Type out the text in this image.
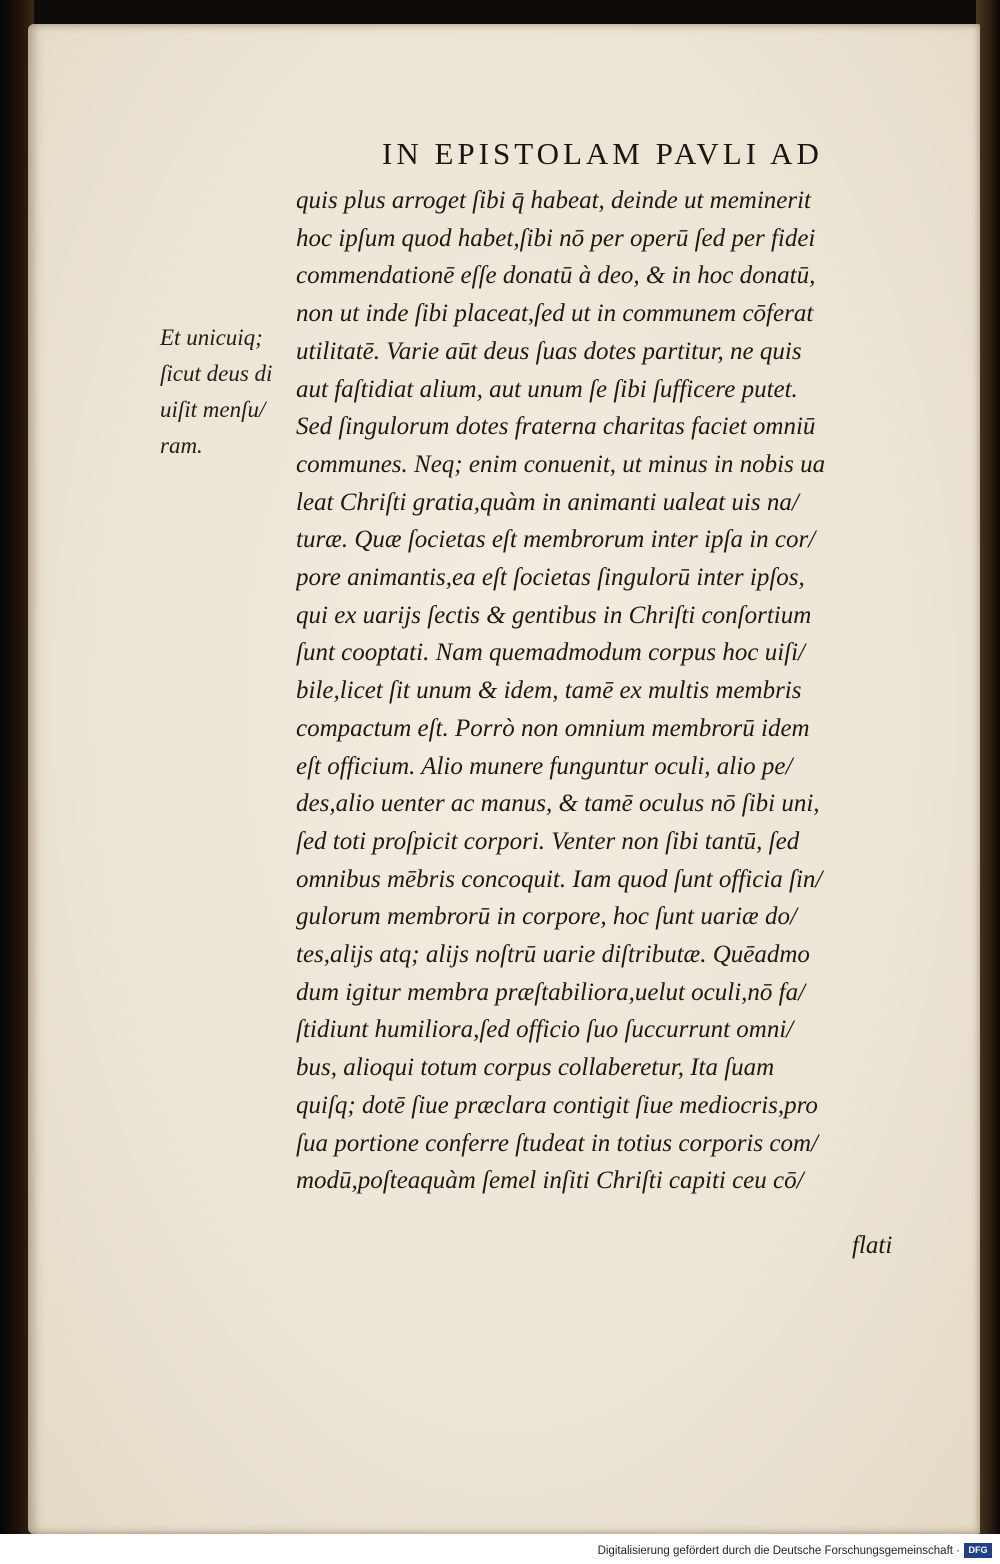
IN EPISTOLAM PAVLI AD
Et unicuiq;
ſicut deus di
uiſit menſu/
ram.
quis plus arroget ſibi q̄ habeat, deinde ut meminerit
hoc ipſum quod habet,ſibi nō per operū ſed per fidei
commendationē eſſe donatū à deo, & in hoc donatū,
non ut inde ſibi placeat,ſed ut in communem cōferat
utilitatē. Varie aūt deus ſuas dotes partitur, ne quis
aut faſtidiat alium, aut unum ſe ſibi ſufficere putet.
Sed ſingulorum dotes fraterna charitas faciet omniū
communes. Neq; enim conuenit, ut minus in nobis ua
leat Chriſti gratia,quàm in animanti ualeat uis na/
turæ. Quæ ſocietas eſt membrorum inter ipſa in cor/
pore animantis,ea eſt ſocietas ſingulorū inter ipſos,
qui ex uarijs ſectis & gentibus in Chriſti conſortium
ſunt cooptati. Nam quemadmodum corpus hoc uiſi/
bile,licet ſit unum & idem, tamē ex multis membris
compactum eſt. Porrò non omnium membrorū idem
eſt officium. Alio munere funguntur oculi, alio pe/
des,alio uenter ac manus, & tamē oculus nō ſibi uni,
ſed toti proſpicit corpori. Venter non ſibi tantū, ſed
omnibus mēbris concoquit. Iam quod ſunt officia ſin/
gulorum membrorū in corpore, hoc ſunt uariæ do/
tes,alijs atq; alijs noſtrū uarie diſtributæ. Quēadmo
dum igitur membra præſtabiliora,uelut oculi,nō fa/
ſtidiunt humiliora,ſed officio ſuo ſuccurrunt omni/
bus, alioqui totum corpus collaberetur, Ita ſuam
quiſq; dotē ſiue præclara contigit ſiue mediocris,pro
ſua portione conferre ſtudeat in totius corporis com/
modū,poſteaquàm ſemel inſiti Chriſti capiti ceu cō/
flati
Digitalisierung gefördert durch die Deutsche Forschungsgemeinschaft · DFG
